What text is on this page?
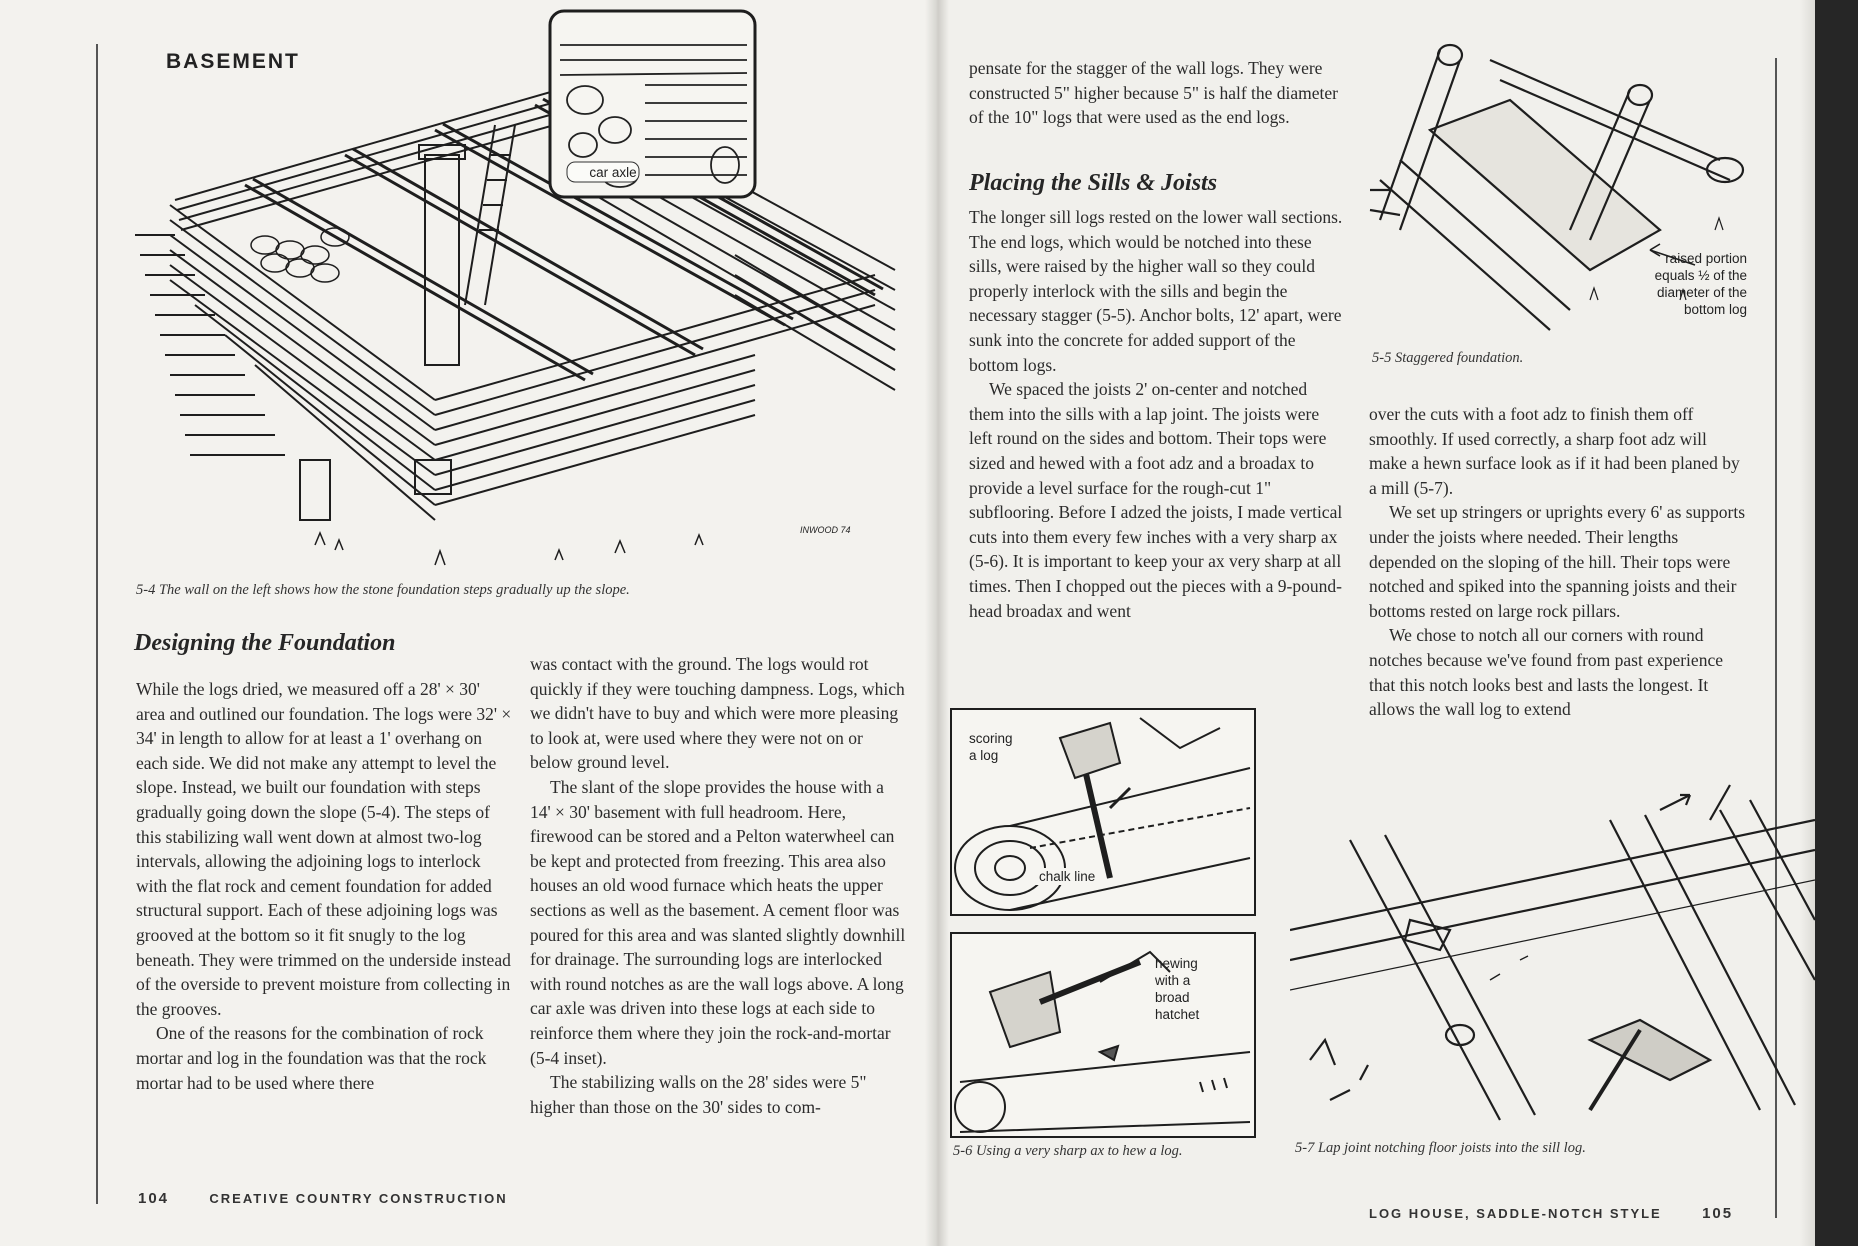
BASEMENT
car axle
INWOOD 74
5-4 The wall on the left shows how the stone foundation steps gradually up the slope.
Designing the Foundation

While the logs dried, we measured off a 28' × 30' area and outlined our foundation. The logs were 32' × 34' in length to allow for at least a 1' overhang on each side. We did not make any attempt to level the slope. Instead, we built our foundation with steps gradually going down the slope (5-4). The steps of this stabilizing wall went down at almost two-log intervals, allowing the adjoining logs to interlock with the flat rock and cement foundation for added structural support. Each of these adjoining logs was grooved at the bottom so it fit snugly to the log beneath. They were trimmed on the underside instead of the overside to prevent moisture from collecting in the grooves.

One of the reasons for the combination of rock mortar and log in the foundation was that the rock mortar had to be used where there

was contact with the ground. The logs would rot quickly if they were touching dampness. Logs, which we didn't have to buy and which were more pleasing to look at, were used where they were not on or below ground level.

The slant of the slope provides the house with a 14' × 30' basement with full headroom. Here, firewood can be stored and a Pelton waterwheel can be kept and protected from freezing. This area also houses an old wood furnace which heats the upper sections as well as the basement. A cement floor was poured for this area and was slanted slightly downhill for drainage. The surrounding logs are interlocked with round notches as are the wall logs above. A long car axle was driven into these logs at each side to reinforce them where they join the rock-and-mortar (5-4 inset).

The stabilizing walls on the 28' sides were 5" higher than those on the 30' sides to com-

104	CREATIVE COUNTRY CONSTRUCTION

pensate for the stagger of the wall logs. They were constructed 5" higher because 5" is half the diameter of the 10" logs that were used as the end logs.

Placing the Sills & Joists

The longer sill logs rested on the lower wall sections. The end logs, which would be notched into these sills, were raised by the higher wall so they could properly interlock with the sills and begin the necessary stagger (5-5). Anchor bolts, 12' apart, were sunk into the concrete for added support of the bottom logs.

We spaced the joists 2' on-center and notched them into the sills with a lap joint. The joists were left round on the sides and bottom. Their tops were sized and hewed with a foot adz and a broadax to provide a level surface for the rough-cut 1" subflooring. Before I adzed the joists, I made vertical cuts into them every few inches with a very sharp ax (5-6). It is important to keep your ax very sharp at all times. Then I chopped out the pieces with a 9-pound-head broadax and went

over the cuts with a foot adz to finish them off smoothly. If used correctly, a sharp foot adz will make a hewn surface look as if it had been planed by a mill (5-7).

We set up stringers or uprights every 6' as supports under the joists where needed. Their lengths depended on the sloping of the hill. Their tops were notched and spiked into the spanning joists and their bottoms rested on large rock pillars.

We chose to notch all our corners with round notches because we've found from past experience that this notch looks best and lasts the longest. It allows the wall log to extend

raised portion
equals ½ of the
diameter of the
bottom log
5-5 Staggered foundation.
scoring
a log
chalk line
hewing
with a
broad
hatchet
5-6 Using a very sharp ax to hew a log.	5-7 Lap joint notching floor joists into the sill log.
LOG HOUSE, SADDLE-NOTCH STYLE	105
